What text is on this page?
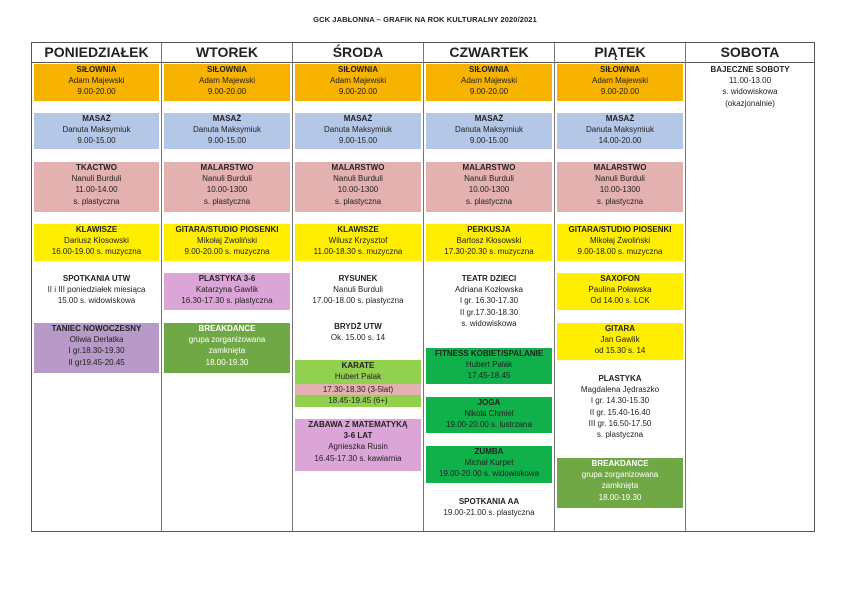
GCK JABŁONNA – GRAFIK NA ROK KULTURALNY 2020/2021
PONIEDZIAŁEK
SIŁOWNIA
Adam Majewski
9.00-20.00
MASAŻ
Danuta Maksymiuk
9.00-15.00
TKACTWO
Nanuli Burduli
11.00-14.00
s. plastyczna
KLAWISZE
Dariusz Kłosowski
16.00-19.00 s. muzyczna
SPOTKANIA UTW
II i III poniedziałek miesiąca
15.00 s. widowiskowa
TANIEC NOWOCZESNY
Oliwia Derlatka
I gr.18.30-19.30
II gr19.45-20.45
WTOREK
SIŁOWNIA
Adam Majewski
9.00-20.00
MASAŻ
Danuta Maksymiuk
9.00-15.00
MALARSTWO
Nanuli Burduli
10.00-1300
s. plastyczna
GITARA/STUDIO PIOSENKI
Mikołaj Zwoliński
9.00-20.00 s. muzyczna
PLASTYKA 3-6
Katarzyna Gawlik
16.30-17.30 s. plastyczna
BREAKDANCE
grupa zorganizowana
zamknięta
18.00-19.30
ŚRODA
SIŁOWNIA
Adam Majewski
9.00-20.00
MASAŻ
Danuta Maksymiuk
9.00-15.00
MALARSTWO
Nanuli Burduli
10.00-1300
s. plastyczna
KLAWISZE
Wilusz Krzysztof
11.00-18.30 s. muzyczna
RYSUNEK
Nanuli Burduli
17.00-18.00 s. plastyczna
BRYDŻ UTW
Ok. 15.00 s. 14
KARATE
Hubert Palak
17.30-18.30 (3-5lat)
18.45-19.45 (6+)
ZABAWA Z MATEMATYKĄ
3-6 LAT
Agnieszka Rusin
16.45-17.30 s. kawiarnia
CZWARTEK
SIŁOWNIA
Adam Majewski
9.00-20.00
MASAŻ
Danuta Maksymiuk
9.00-15.00
MALARSTWO
Nanuli Burduli
10.00-1300
s. plastyczna
PERKUSJA
Bartosz Kłosowski
17.30-20.30 s. muzyczna
TEATR DZIECI
Adriana Kozłowska
I gr. 16.30-17.30
II gr.17.30-18.30
s. widowiskowa
FITNESS KOBIET/SPALANIE
Hubert Palak
17.45-18.45
JOGA
Nikola Chmiel
19.00-20.00 s. lustrzana
ZUMBA
Michał Kurpet
19.00-20.00 s. widowiskowa
SPOTKANIA AA
19.00-21.00 s. plastyczna
PIĄTEK
SIŁOWNIA
Adam Majewski
9.00-20.00
MASAŻ
Danuta Maksymiuk
14.00-20.00
MALARSTWO
Nanuli Burduli
10.00-1300
s. plastyczna
GITARA/STUDIO PIOSENKI
Mikołaj Zwoliński
9.00-18.00 s. muzyczna
SAXOFON
Paulina Poławska
Od 14.00 s. LCK
GITARA
Jan Gawlik
od 15.30 s. 14
PLASTYKA
Magdalena Jędraszko
I gr. 14.30-15.30
II gr. 15.40-16.40
III gr. 16.50-17.50
s. plastyczna
BREAKDANCE
grupa zorganizowana
zamknięta
18.00-19.30
SOBOTA
BAJECZNE SOBOTY
11.00-13.00
s. widowiskowa
(okazjonalnie)
